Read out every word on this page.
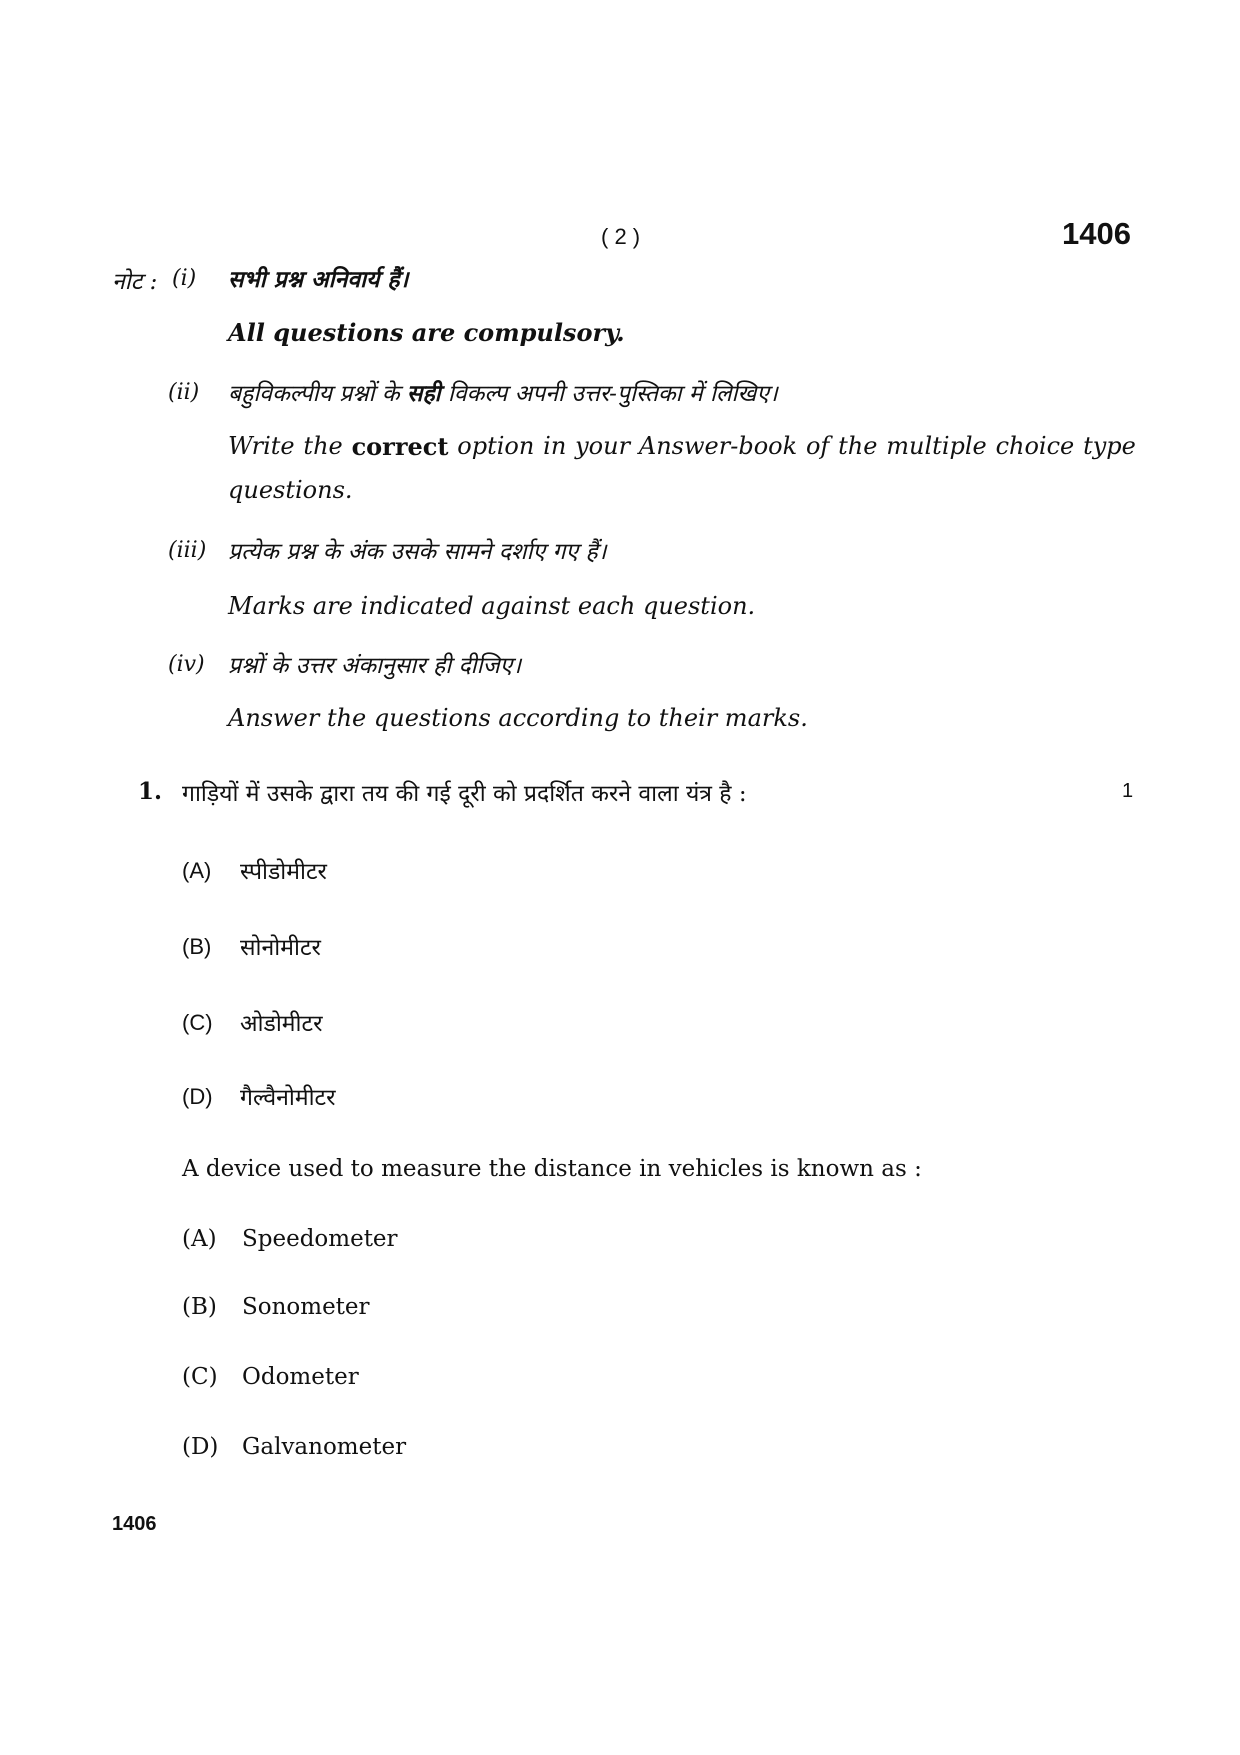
( 2 )	1406
नोट : (i) सभी प्रश्न अनिवार्य हैं।
All questions are compulsory.
(ii) बहुविकल्पीय प्रश्नों के सही विकल्प अपनी उत्तर-पुस्तिका में लिखिए।
Write the correct option in your Answer-book of the multiple choice type
questions.
(iii) प्रत्येक प्रश्न के अंक उसके सामने दर्शाए गए हैं।
Marks are indicated against each question.
(iv) प्रश्नों के उत्तर अंकानुसार ही दीजिए।
Answer the questions according to their marks.
1. गाड़ियों में उसके द्वारा तय की गई दूरी को प्रदर्शित करने वाला यंत्र है :	1
(A) स्पीडोमीटर
(B) सोनोमीटर
(C) ओडोमीटर
(D) गैल्वैनोमीटर
A device used to measure the distance in vehicles is known as :
(A) Speedometer
(B) Sonometer
(C) Odometer
(D) Galvanometer
1406
